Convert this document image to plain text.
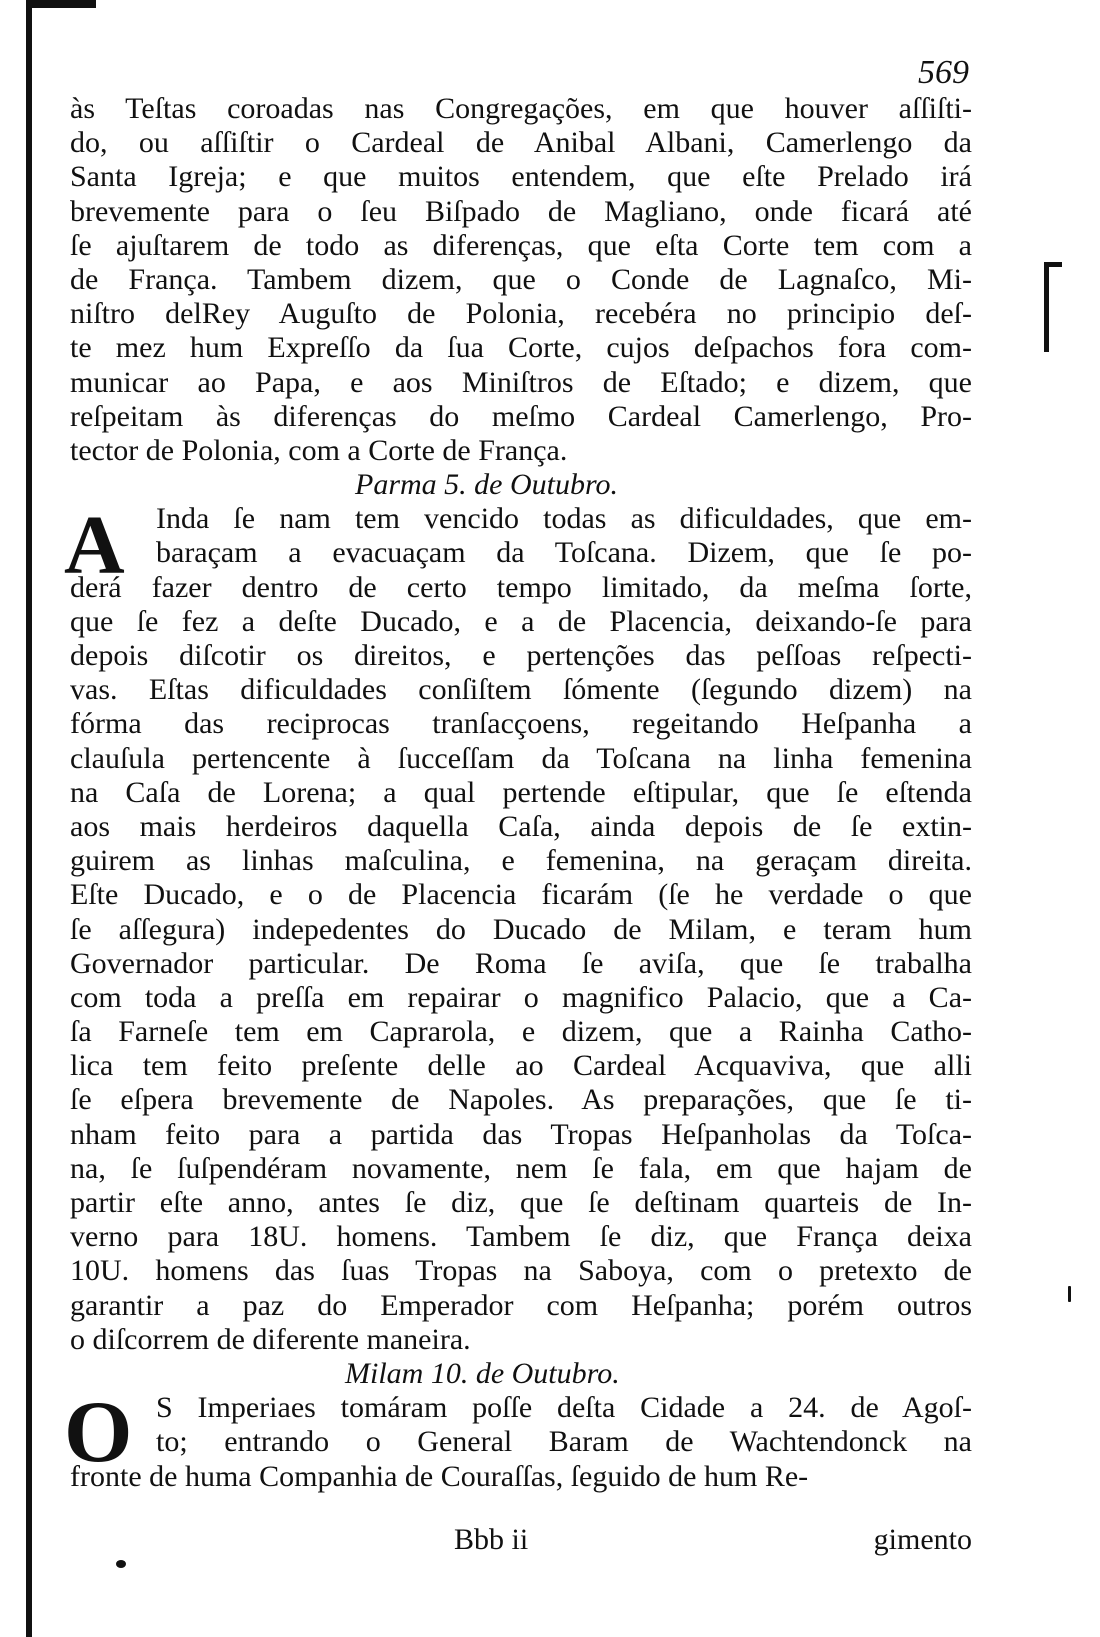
569
às Teſtas coroadas nas Congregações, em que houver aſſiſti-
do, ou aſſiſtir o Cardeal de Anibal Albani, Camerlengo da
Santa Igreja; e que muitos entendem, que eſte Prelado irá
brevemente para o ſeu Biſpado de Magliano, onde ficará até
ſe ajuſtarem de todo as diferenças, que eſta Corte tem com a
de França. Tambem dizem, que o Conde de Lagnaſco, Mi-
niſtro delRey Auguſto de Polonia, recebéra no principio deſ-
te mez hum Expreſſo da ſua Corte, cujos deſpachos fora com-
municar ao Papa, e aos Miniſtros de Eſtado; e dizem, que
reſpeitam às diferenças do meſmo Cardeal Camerlengo, Pro-
tector de Polonia, com a Corte de França.
Parma 5. de Outubro.
A Inda ſe nam tem vencido todas as dificuldades, que em-
baraçam a evacuaçam da Toſcana. Dizem, que ſe po-
derá fazer dentro de certo tempo limitado, da meſma ſorte,
que ſe fez a deſte Ducado, e a de Placencia, deixando-ſe para
depois diſcotir os direitos, e pertenções das peſſoas reſpecti-
vas. Eſtas dificuldades conſiſtem ſómente (ſegundo dizem) na
fórma das reciprocas tranſacçoens, regeitando Heſpanha a
clauſula pertencente à ſucceſſam da Toſcana na linha femenina
na Caſa de Lorena; a qual pertende eſtipular, que ſe eſtenda
aos mais herdeiros daquella Caſa, ainda depois de ſe extin-
guirem as linhas maſculina, e femenina, na geraçam direita.
Eſte Ducado, e o de Placencia ficarám (ſe he verdade o que
ſe aſſegura) indepedentes do Ducado de Milam, e teram hum
Governador particular. De Roma ſe aviſa, que ſe trabalha
com toda a preſſa em repairar o magnifico Palacio, que a Ca-
ſa Farneſe tem em Caprarola, e dizem, que a Rainha Catho-
lica tem feito preſente delle ao Cardeal Acquaviva, que alli
ſe eſpera brevemente de Napoles. As preparações, que ſe ti-
nham feito para a partida das Tropas Heſpanholas da Toſca-
na, ſe ſuſpendéram novamente, nem ſe fala, em que hajam de
partir eſte anno, antes ſe diz, que ſe deſtinam quarteis de In-
verno para 18U. homens. Tambem ſe diz, que França deixa
10U. homens das ſuas Tropas na Saboya, com o pretexto de
garantir a paz do Emperador com Heſpanha; porém outros
o diſcorrem de diferente maneira.
Milam 10. de Outubro.
O S Imperiaes tomáram poſſe deſta Cidade a 24. de Agoſ-
to; entrando o General Baram de Wachtendonck na
fronte de huma Companhia de Couraſſas, ſeguido de hum Re-
Bbb ii	gimento
